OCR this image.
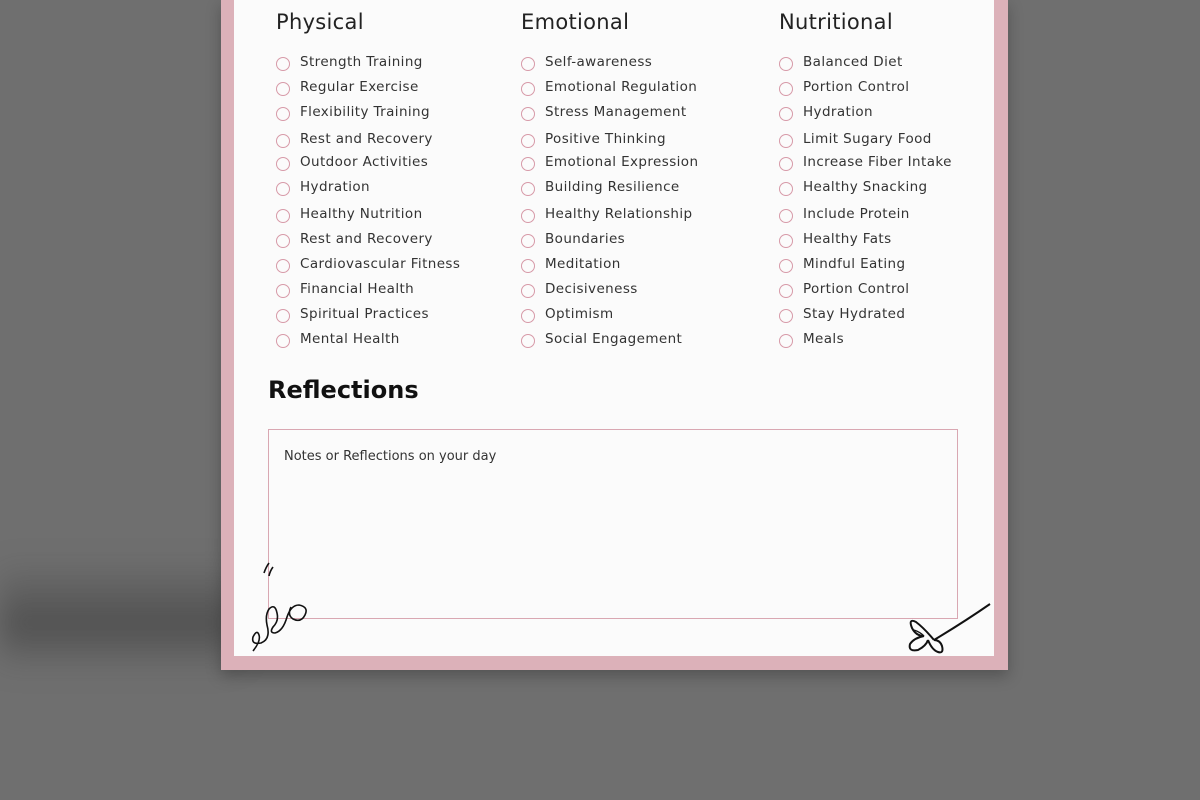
Physical
Strength Training
Regular Exercise
Flexibility Training
Rest and Recovery
Outdoor Activities
Hydration
Healthy Nutrition
Rest and Recovery
Cardiovascular Fitness
Financial Health
Spiritual Practices
Mental Health
Emotional
Self-awareness
Emotional Regulation
Stress Management
Positive Thinking
Emotional Expression
Building Resilience
Healthy Relationship
Boundaries
Meditation
Decisiveness
Optimism
Social Engagement
Nutritional
Balanced Diet
Portion Control
Hydration
Limit Sugary Food
Increase Fiber Intake
Healthy Snacking
Include Protein
Healthy Fats
Mindful Eating
Portion Control
Stay Hydrated
Meals
Reflections
Notes or Reflections on your day
